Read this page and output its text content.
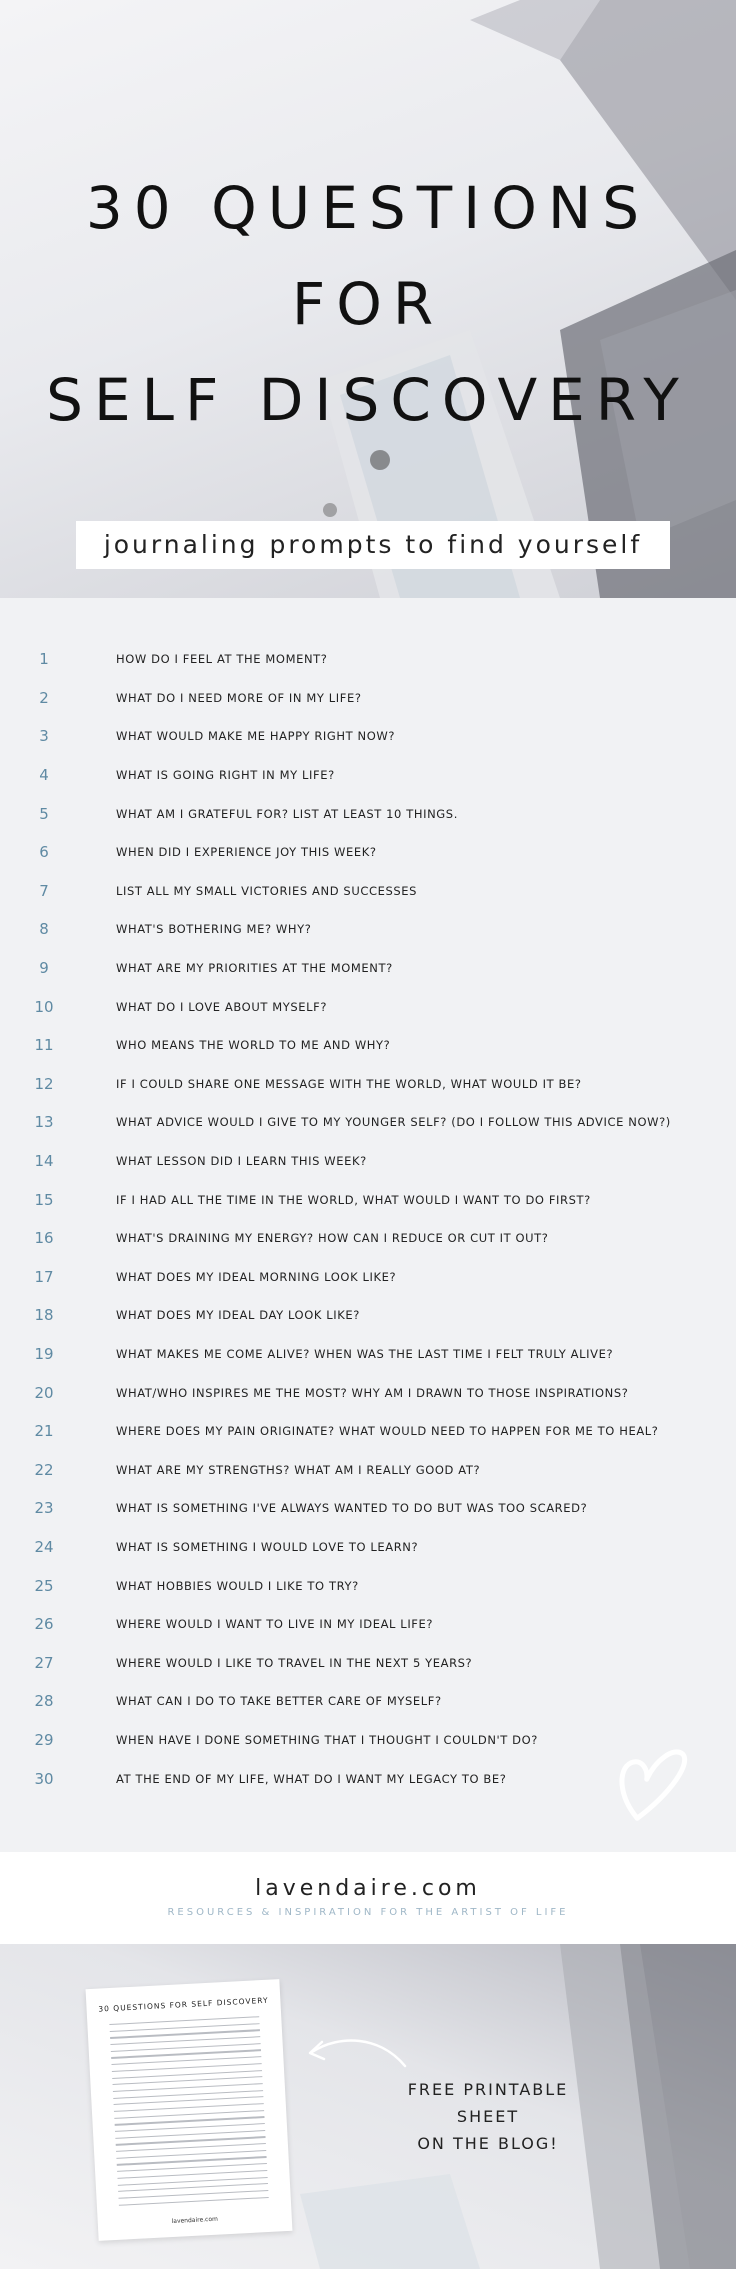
30 QUESTIONS
FOR
SELF DISCOVERY
journaling prompts to find yourself
1	HOW DO I FEEL AT THE MOMENT?
2	WHAT DO I NEED MORE OF IN MY LIFE?
3	WHAT WOULD MAKE ME HAPPY RIGHT NOW?
4	WHAT IS GOING RIGHT IN MY LIFE?
5	WHAT AM I GRATEFUL FOR? LIST AT LEAST 10 THINGS.
6	WHEN DID I EXPERIENCE JOY THIS WEEK?
7	LIST ALL MY SMALL VICTORIES AND SUCCESSES
8	WHAT'S BOTHERING ME? WHY?
9	WHAT ARE MY PRIORITIES AT THE MOMENT?
10	WHAT DO I LOVE ABOUT MYSELF?
11	WHO MEANS THE WORLD TO ME AND WHY?
12	IF I COULD SHARE ONE MESSAGE WITH THE WORLD, WHAT WOULD IT BE?
13	WHAT ADVICE WOULD I GIVE TO MY YOUNGER SELF? (DO I FOLLOW THIS ADVICE NOW?)
14	WHAT LESSON DID I LEARN THIS WEEK?
15	IF I HAD ALL THE TIME IN THE WORLD, WHAT WOULD I WANT TO DO FIRST?
16	WHAT'S DRAINING MY ENERGY? HOW CAN I REDUCE OR CUT IT OUT?
17	WHAT DOES MY IDEAL MORNING LOOK LIKE?
18	WHAT DOES MY IDEAL DAY LOOK LIKE?
19	WHAT MAKES ME COME ALIVE? WHEN WAS THE LAST TIME I FELT TRULY ALIVE?
20	WHAT/WHO INSPIRES ME THE MOST? WHY AM I DRAWN TO THOSE INSPIRATIONS?
21	WHERE DOES MY PAIN ORIGINATE? WHAT WOULD NEED TO HAPPEN FOR ME TO HEAL?
22	WHAT ARE MY STRENGTHS? WHAT AM I REALLY GOOD AT?
23	WHAT IS SOMETHING I'VE ALWAYS WANTED TO DO BUT WAS TOO SCARED?
24	WHAT IS SOMETHING I WOULD LOVE TO LEARN?
25	WHAT HOBBIES WOULD I LIKE TO TRY?
26	WHERE WOULD I WANT TO LIVE IN MY IDEAL LIFE?
27	WHERE WOULD I LIKE TO TRAVEL IN THE NEXT 5 YEARS?
28	WHAT CAN I DO TO TAKE BETTER CARE OF MYSELF?
29	WHEN HAVE I DONE SOMETHING THAT I THOUGHT I COULDN'T DO?
30	AT THE END OF MY LIFE, WHAT DO I WANT MY LEGACY TO BE?
lavendaire.com
RESOURCES & INSPIRATION FOR THE ARTIST OF LIFE
30 QUESTIONS FOR SELF DISCOVERY
lavendaire.com
FREE PRINTABLE SHEET
ON THE BLOG!
